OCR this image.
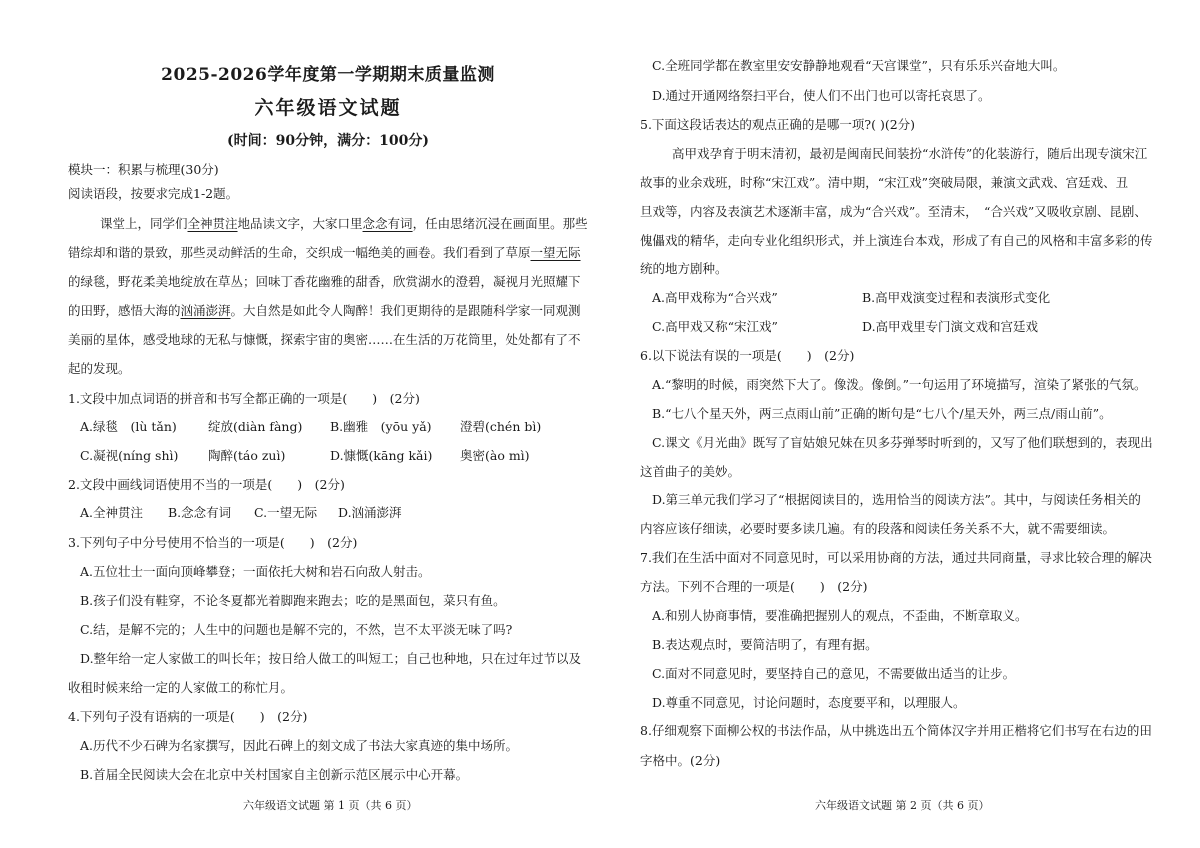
2025-2026学年度第一学期期末质量监测
六年级语文试题
(时间：90分钟，满分：100分)
模块一：积累与梳理(30分)
阅读语段，按要求完成1-2题。
课堂上，同学们全神贯注地品读文字，大家口里念念有词，任由思绪沉浸在画面里。那些
错综却和谐的景致，那些灵动鲜活的生命，交织成一幅绝美的画卷。我们看到了草原一望无际
的绿毯，野花柔美地绽放在草丛；回味丁香花幽雅的甜香，欣赏湖水的澄碧，凝视月光照耀下
的田野，感悟大海的汹涌澎湃。大自然是如此令人陶醉！我们更期待的是跟随科学家一同观测
美丽的星体，感受地球的无私与慷慨，探索宇宙的奥密……在生活的万花筒里，处处都有了不
起的发现。
1.文段中加点词语的拼音和书写全都正确的一项是(　　)　(2分)
A.绿毯　(lù tǎn) 绽放(diàn fàng) B.幽雅　(yōu yǎ) 澄碧(chén bì)
C.凝视(níng shì) 陶醉(táo zuì)	D.慷慨(kāng kǎi) 奥密(ào mì)
2.文段中画线词语使用不当的一项是(　　)　(2分)
A.全神贯注 B.念念有词 C.一望无际 D.汹涌澎湃
3.下列句子中分号使用不恰当的一项是(　　)　(2分)
A.五位壮士一面向顶峰攀登；一面依托大树和岩石向敌人射击。
B.孩子们没有鞋穿，不论冬夏都光着脚跑来跑去；吃的是黑面包，菜只有鱼。
C.结，是解不完的；人生中的问题也是解不完的，不然，岂不太平淡无味了吗?
D.整年给一定人家做工的叫长年；按日给人做工的叫短工；自己也种地，只在过年过节以及
收租时候来给一定的人家做工的称忙月。
4.下列句子没有语病的一项是(　　)　(2分)
A.历代不少石碑为名家撰写，因此石碑上的刻文成了书法大家真迹的集中场所。
B.首届全民阅读大会在北京中关村国家自主创新示范区展示中心开幕。
六年级语文试题 第 1 页（共 6 页）
C.全班同学都在教室里安安静静地观看“天宫课堂”，只有乐乐兴奋地大叫。
D.通过开通网络祭扫平台，使人们不出门也可以寄托哀思了。
5.下面这段话表达的观点正确的是哪一项?( )(2分)
高甲戏孕育于明末清初，最初是闽南民间装扮“水浒传”的化装游行，随后出现专演宋江
故事的业余戏班，时称“宋江戏”。清中期，“宋江戏”突破局限，兼演文武戏、宫廷戏、丑
旦戏等，内容及表演艺术逐渐丰富，成为“合兴戏”。至清末，　“合兴戏”又吸收京剧、昆剧、
傀儡戏的精华，走向专业化组织形式，并上演连台本戏，形成了有自己的风格和丰富多彩的传
统的地方剧种。
A.高甲戏称为“合兴戏”	B.高甲戏演变过程和表演形式变化
C.高甲戏又称“宋江戏”	D.高甲戏里专门演文戏和宫廷戏
6.以下说法有误的一项是(　　)　(2分)
A.“黎明的时候，雨突然下大了。像泼。像倒。”一句运用了环境描写，渲染了紧张的气氛。
B.“七八个星天外，两三点雨山前”正确的断句是“七八个/星天外，两三点/雨山前”。
C.课文《月光曲》既写了盲姑娘兄妹在贝多芬弹琴时听到的，又写了他们联想到的，表现出
这首曲子的美妙。
D.第三单元我们学习了“根据阅读目的，选用恰当的阅读方法”。其中，与阅读任务相关的
内容应该仔细读，必要时要多读几遍。有的段落和阅读任务关系不大，就不需要细读。
7.我们在生活中面对不同意见时，可以采用协商的方法，通过共同商量，寻求比较合理的解决
方法。下列不合理的一项是(　　)　(2分)
A.和别人协商事情，要准确把握别人的观点，不歪曲，不断章取义。
B.表达观点时，要简洁明了，有理有据。
C.面对不同意见时，要坚持自己的意见，不需要做出适当的让步。
D.尊重不同意见，讨论问题时，态度要平和，以理服人。
8.仔细观察下面柳公权的书法作品，从中挑选出五个简体汉字并用正楷将它们书写在右边的田
字格中。(2分)
六年级语文试题 第 2 页（共 6 页）
